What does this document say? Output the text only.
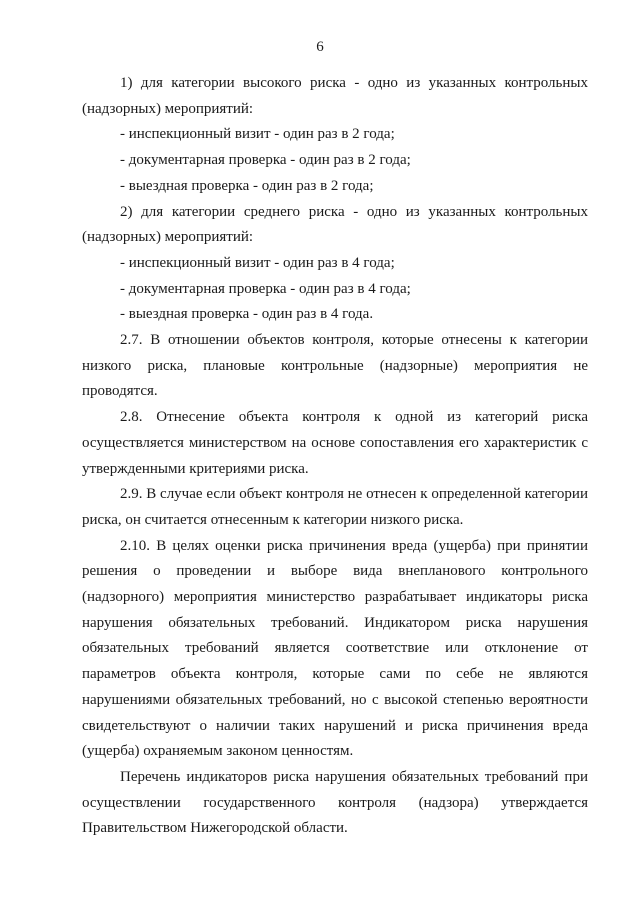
6

1) для категории высокого риска - одно из указанных контрольных (надзорных) мероприятий:

- инспекционный визит - один раз в 2 года;

- документарная проверка - один раз в 2 года;

- выездная проверка - один раз в 2 года;

2) для категории среднего риска - одно из указанных контрольных (надзорных) мероприятий:

- инспекционный визит - один раз в 4 года;

- документарная проверка - один раз в 4 года;

- выездная проверка - один раз в 4 года.

2.7. В отношении объектов контроля, которые отнесены к категории низкого риска, плановые контрольные (надзорные) мероприятия не проводятся.

2.8. Отнесение объекта контроля к одной из категорий риска осуществляется министерством на основе сопоставления его характеристик с утвержденными критериями риска.

2.9. В случае если объект контроля не отнесен к определенной категории риска, он считается отнесенным к категории низкого риска.

2.10. В целях оценки риска причинения вреда (ущерба) при принятии решения о проведении и выборе вида внепланового контрольного (надзорного) мероприятия министерство разрабатывает индикаторы риска нарушения обязательных требований. Индикатором риска нарушения обязательных требований является соответствие или отклонение от параметров объекта контроля, которые сами по себе не являются нарушениями обязательных требований, но с высокой степенью вероятности свидетельствуют о наличии таких нарушений и риска причинения вреда (ущерба) охраняемым законом ценностям.

Перечень индикаторов риска нарушения обязательных требований при осуществлении государственного контроля (надзора) утверждается Правительством Нижегородской области.
